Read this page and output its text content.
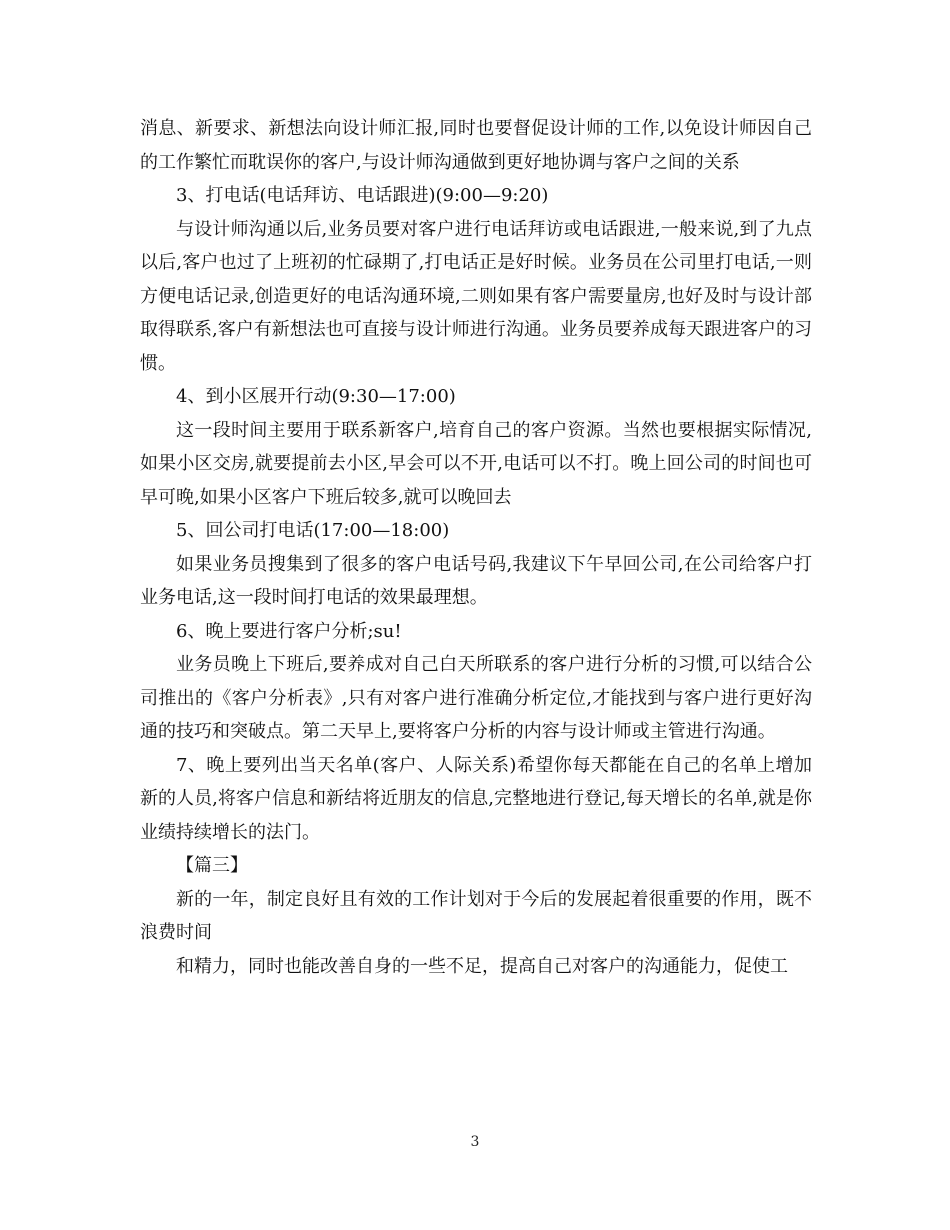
消息、新要求、新想法向设计师汇报,同时也要督促设计师的工作,以免设计师因自己的工作繁忙而耽误你的客户,与设计师沟通做到更好地协调与客户之间的关系

3、打电话(电话拜访、电话跟进)(9:00—9:20)

与设计师沟通以后,业务员要对客户进行电话拜访或电话跟进,一般来说,到了九点以后,客户也过了上班初的忙碌期了,打电话正是好时候。业务员在公司里打电话,一则方便电话记录,创造更好的电话沟通环境,二则如果有客户需要量房,也好及时与设计部取得联系,客户有新想法也可直接与设计师进行沟通。业务员要养成每天跟进客户的习惯。

4、到小区展开行动(9:30—17:00)

这一段时间主要用于联系新客户,培育自己的客户资源。当然也要根据实际情况,如果小区交房,就要提前去小区,早会可以不开,电话可以不打。晚上回公司的时间也可早可晚,如果小区客户下班后较多,就可以晚回去

5、回公司打电话(17:00—18:00)

如果业务员搜集到了很多的客户电话号码,我建议下午早回公司,在公司给客户打业务电话,这一段时间打电话的效果最理想。

6、晚上要进行客户分析;su!

业务员晚上下班后,要养成对自己白天所联系的客户进行分析的习惯,可以结合公司推出的《客户分析表》,只有对客户进行准确分析定位,才能找到与客户进行更好沟通的技巧和突破点。第二天早上,要将客户分析的内容与设计师或主管进行沟通。

7、晚上要列出当天名单(客户、人际关系)希望你每天都能在自己的名单上增加新的人员,将客户信息和新结将近朋友的信息,完整地进行登记,每天增长的名单,就是你业绩持续增长的法门。

【篇三】

新的一年，制定良好且有效的工作计划对于今后的发展起着很重要的作用，既不浪费时间

和精力，同时也能改善自身的一些不足，提高自己对客户的沟通能力，促使工

3
